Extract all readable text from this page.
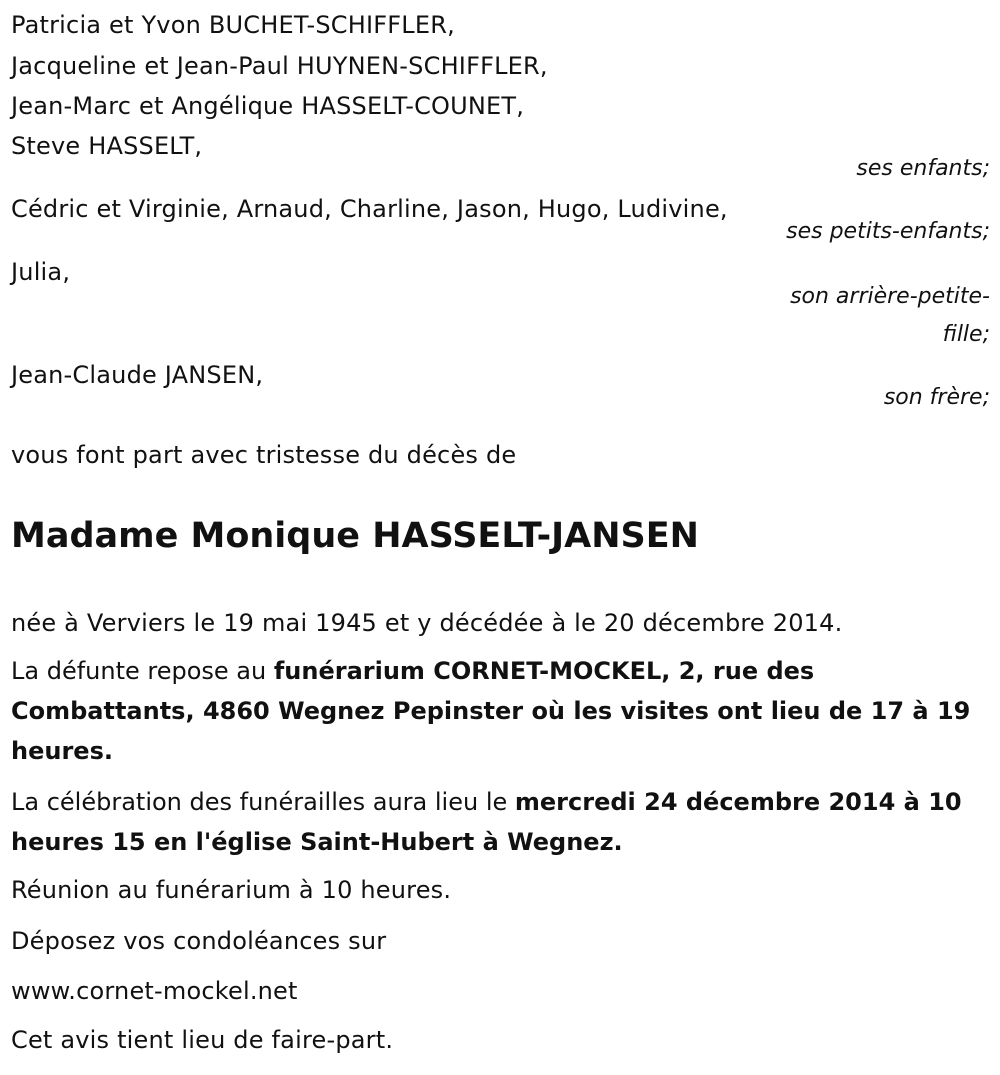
Patricia et Yvon BUCHET-SCHIFFLER,
Jacqueline et Jean-Paul HUYNEN-SCHIFFLER,
Jean-Marc et Angélique HASSELT-COUNET,
Steve HASSELT,
ses enfants;
Cédric et Virginie, Arnaud, Charline, Jason, Hugo, Ludivine,
ses petits-enfants;
Julia,
son arrière-petite-
fille;
Jean-Claude JANSEN,
son frère;
vous font part avec tristesse du décès de
Madame Monique HASSELT-JANSEN
née à Verviers le 19 mai 1945 et y décédée à le 20 décembre 2014.
La défunte repose au funérarium CORNET-MOCKEL, 2, rue des Combattants, 4860 Wegnez Pepinster où les visites ont lieu de 17 à 19 heures.
La célébration des funérailles aura lieu le mercredi 24 décembre 2014 à 10 heures 15 en l'église Saint-Hubert à Wegnez.
Réunion au funérarium à 10 heures.
Déposez vos condoléances sur
www.cornet-mockel.net
Cet avis tient lieu de faire-part.
